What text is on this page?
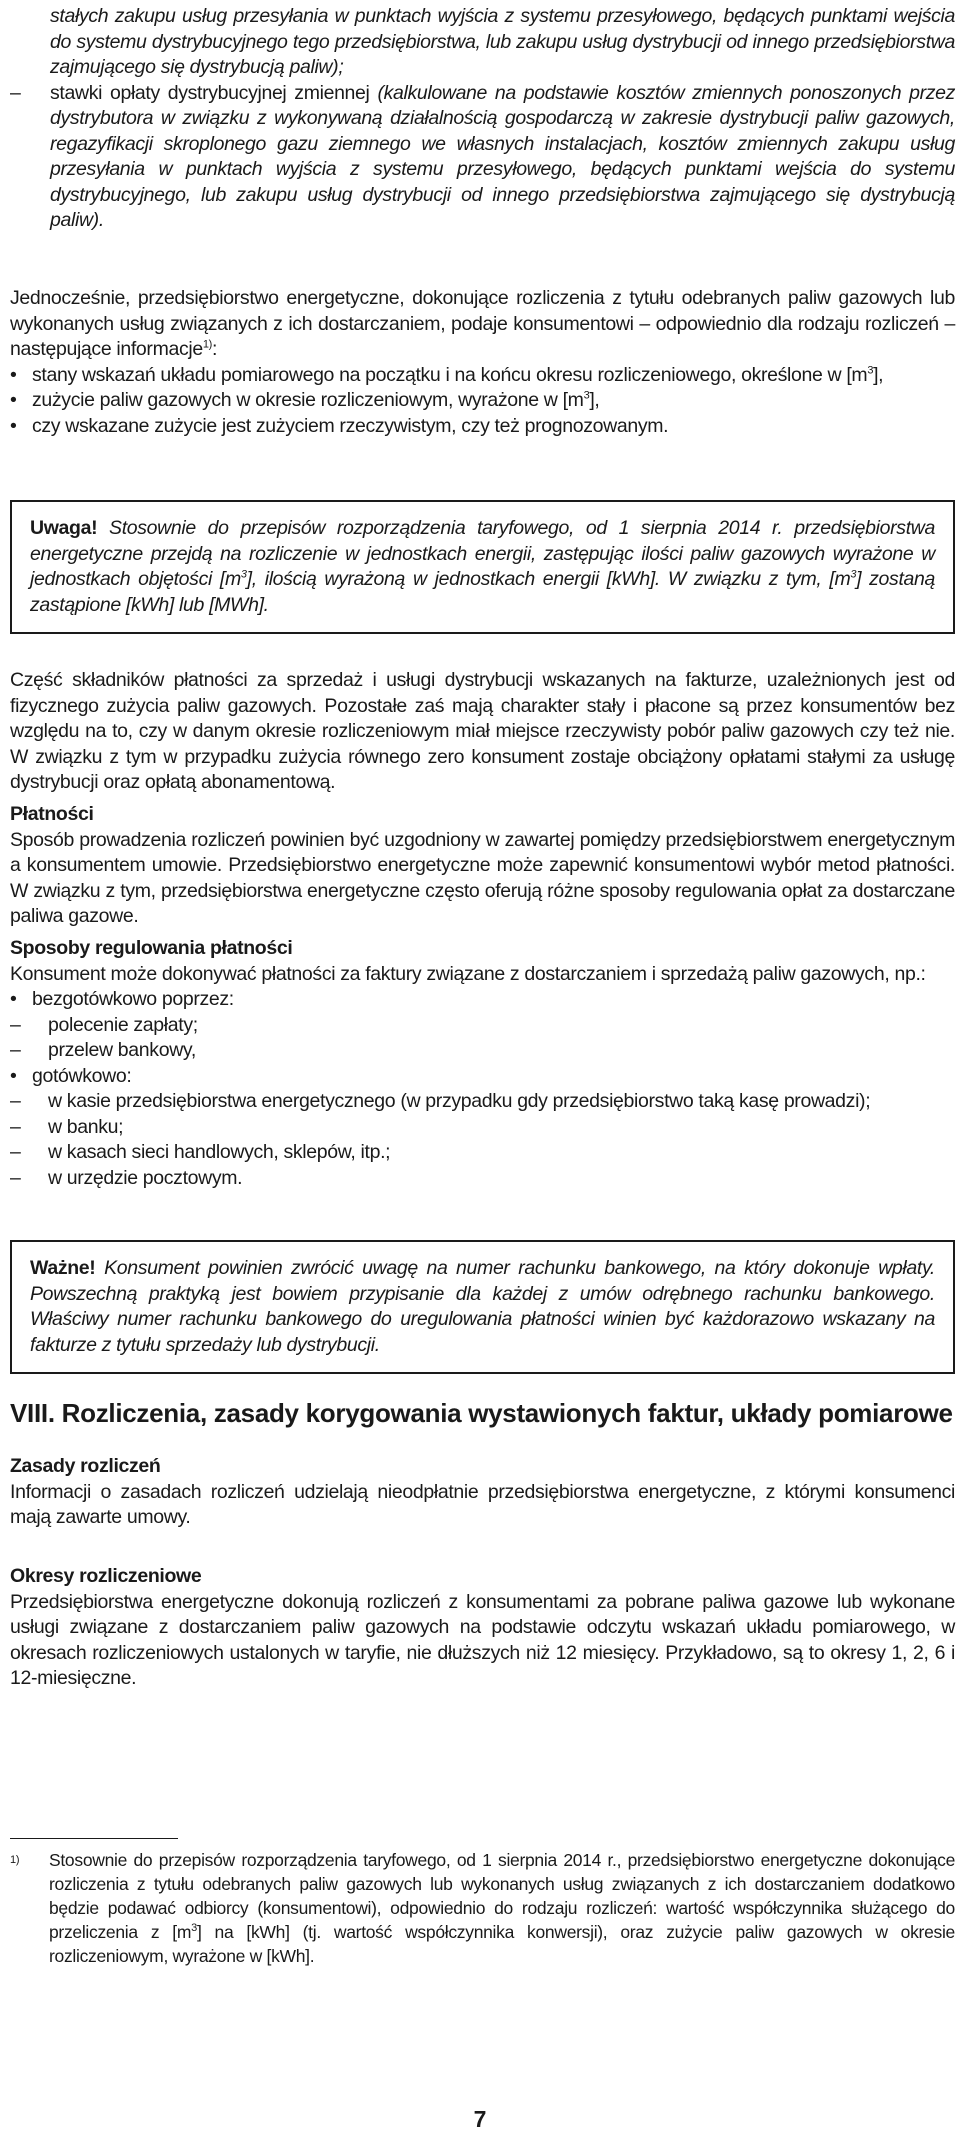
stałych zakupu usług przesyłania w punktach wyjścia z systemu przesyłowego, będących punktami wejścia do systemu dystrybucyjnego tego przedsiębiorstwa, lub zakupu usług dystrybucji od innego przedsiębiorstwa zajmującego się dystrybucją paliw);

– stawki opłaty dystrybucyjnej zmiennej (kalkulowane na podstawie kosztów zmiennych ponoszonych przez dystrybutora w związku z wykonywaną działalnością gospodarczą w zakresie dystrybucji paliw gazowych, regazyfikacji skroplonego gazu ziemnego we własnych instalacjach, kosztów zmiennych zakupu usług przesyłania w punktach wyjścia z systemu przesyłowego, będących punktami wejścia do systemu dystrybucyjnego, lub zakupu usług dystrybucji od innego przedsiębiorstwa zajmującego się dystrybucją paliw).

Jednocześnie, przedsiębiorstwo energetyczne, dokonujące rozliczenia z tytułu odebranych paliw gazowych lub wykonanych usług związanych z ich dostarczaniem, podaje konsumentowi – odpowiednio dla rodzaju rozliczeń – następujące informacje$^{1)}$:

• stany wskazań układu pomiarowego na początku i na końcu okresu rozliczeniowego, określone w $[m^3]$,
• zużycie paliw gazowych w okresie rozliczeniowym, wyrażone w $[m^3]$,
• czy wskazane zużycie jest zużyciem rzeczywistym, czy też prognozowanym.

Uwaga! Stosownie do przepisów rozporządzenia taryfowego, od 1 sierpnia 2014 r. przedsiębiorstwa energetyczne przejdą na rozliczenie w jednostkach energii, zastępując ilości paliw gazowych wyrażone w jednostkach objętości $[m^3]$, ilością wyrażoną w jednostkach energii [kWh]. W związku z tym, $[m^3]$ zostaną zastąpione [kWh] lub [MWh].

Część składników płatności za sprzedaż i usługi dystrybucji wskazanych na fakturze, uzależnionych jest od fizycznego zużycia paliw gazowych. Pozostałe zaś mają charakter stały i płacone są przez konsumentów bez względu na to, czy w danym okresie rozliczeniowym miał miejsce rzeczywisty pobór paliw gazowych czy też nie. W związku z tym w przypadku zużycia równego zero konsument zostaje obciążony opłatami stałymi za usługę dystrybucji oraz opłatą abonamentową.

Płatności

Sposób prowadzenia rozliczeń powinien być uzgodniony w zawartej pomiędzy przedsiębiorstwem energetycznym a konsumentem umowie. Przedsiębiorstwo energetyczne może zapewnić konsumentowi wybór metod płatności. W związku z tym, przedsiębiorstwa energetyczne często oferują różne sposoby regulowania opłat za dostarczane paliwa gazowe.

Sposoby regulowania płatności

Konsument może dokonywać płatności za faktury związane z dostarczaniem i sprzedażą paliw gazowych, np.:

• bezgotówkowo poprzez:
– polecenie zapłaty;
– przelew bankowy,
• gotówkowo:
– w kasie przedsiębiorstwa energetycznego (w przypadku gdy przedsiębiorstwo taką kasę prowadzi);
– w banku;
– w kasach sieci handlowych, sklepów, itp.;
– w urzędzie pocztowym.

Ważne! Konsument powinien zwrócić uwagę na numer rachunku bankowego, na który dokonuje wpłaty. Powszechną praktyką jest bowiem przypisanie dla każdej z umów odrębnego rachunku bankowego. Właściwy numer rachunku bankowego do uregulowania płatności winien być każdorazowo wskazany na fakturze z tytułu sprzedaży lub dystrybucji.

VIII. Rozliczenia, zasady korygowania wystawionych faktur, układy pomiarowe

Zasady rozliczeń

Informacji o zasadach rozliczeń udzielają nieodpłatnie przedsiębiorstwa energetyczne, z którymi konsumenci mają zawarte umowy.

Okresy rozliczeniowe

Przedsiębiorstwa energetyczne dokonują rozliczeń z konsumentami za pobrane paliwa gazowe lub wykonane usługi związane z dostarczaniem paliw gazowych na podstawie odczytu wskazań układu pomiarowego, w okresach rozliczeniowych ustalonych w taryfie, nie dłuższych niż 12 miesięcy. Przykładowo, są to okresy 1, 2, 6 i 12-miesięczne.

1) Stosownie do przepisów rozporządzenia taryfowego, od 1 sierpnia 2014 r., przedsiębiorstwo energetyczne dokonujące rozliczenia z tytułu odebranych paliw gazowych lub wykonanych usług związanych z ich dostarczaniem dodatkowo będzie podawać odbiorcy (konsumentowi), odpowiednio do rodzaju rozliczeń: wartość współczynnika służącego do przeliczenia z $[m^3]$ na [kWh] (tj. wartość współczynnika konwersji), oraz zużycie paliw gazowych w okresie rozliczeniowym, wyrażone w [kWh].

7
